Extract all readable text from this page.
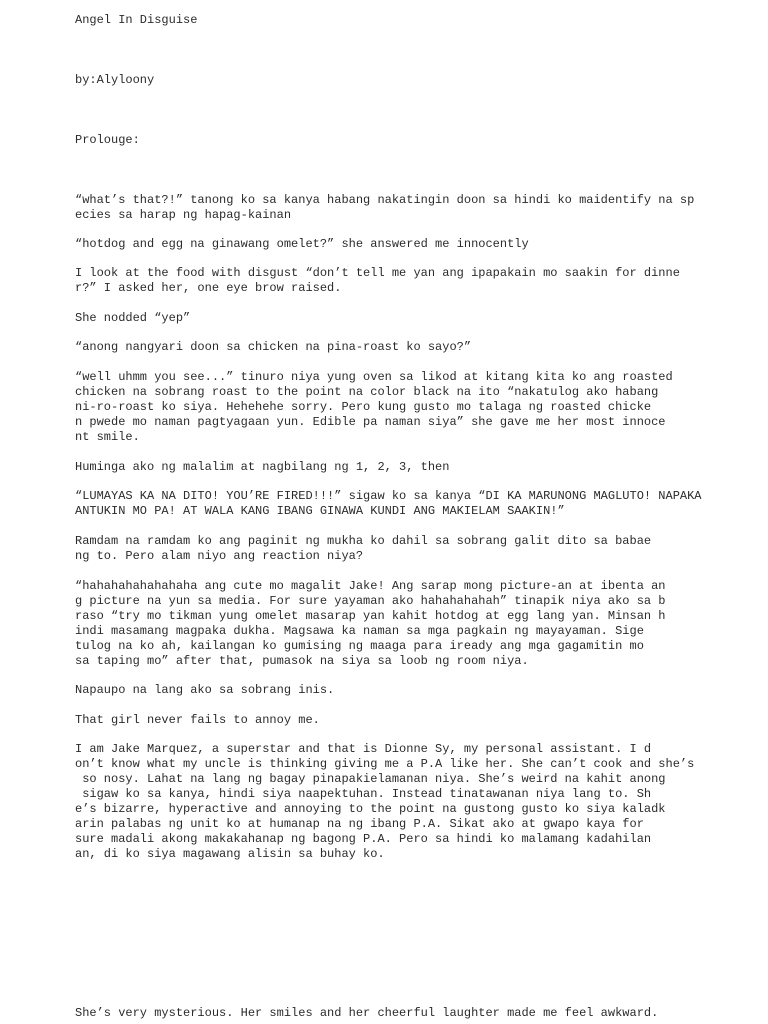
Angel In Disguise
by:Alyloony
Prolouge:
“what’s that?!” tanong ko sa kanya habang nakatingin doon sa hindi ko maidentify na sp
ecies sa harap ng hapag-kainan
“hotdog and egg na ginawang omelet?” she answered me innocently
I look at the food with disgust “don’t tell me yan ang ipapakain mo saakin for dinne
r?” I asked her, one eye brow raised.
She nodded “yep”
“anong nangyari doon sa chicken na pina-roast ko sayo?”
“well uhmm you see...” tinuro niya yung oven sa likod at kitang kita ko ang roasted
chicken na sobrang roast to the point na color black na ito “nakatulog ako habang
ni-ro-roast ko siya. Hehehehe sorry. Pero kung gusto mo talaga ng roasted chicke
n pwede mo naman pagtyagaan yun. Edible pa naman siya” she gave me her most innoce
nt smile.
Huminga ako ng malalim at nagbilang ng 1, 2, 3, then
“LUMAYAS KA NA DITO! YOU’RE FIRED!!!” sigaw ko sa kanya “DI KA MARUNONG MAGLUTO! NAPAKA
ANTUKIN MO PA! AT WALA KANG IBANG GINAWA KUNDI ANG MAKIELAM SAAKIN!”
Ramdam na ramdam ko ang paginit ng mukha ko dahil sa sobrang galit dito sa babae
ng to. Pero alam niyo ang reaction niya?
“hahahahahahahaha ang cute mo magalit Jake! Ang sarap mong picture-an at ibenta an
g picture na yun sa media. For sure yayaman ako hahahahahah” tinapik niya ako sa b
raso “try mo tikman yung omelet masarap yan kahit hotdog at egg lang yan. Minsan h
indi masamang magpaka dukha. Magsawa ka naman sa mga pagkain ng mayayaman. Sige
tulog na ko ah, kailangan ko gumising ng maaga para iready ang mga gagamitin mo
sa taping mo” after that, pumasok na siya sa loob ng room niya.
Napaupo na lang ako sa sobrang inis.
That girl never fails to annoy me.
I am Jake Marquez, a superstar and that is Dionne Sy, my personal assistant. I d
on’t know what my uncle is thinking giving me a P.A like her. She can’t cook and she’s
so nosy. Lahat na lang ng bagay pinapakielamanan niya. She’s weird na kahit anong
sigaw ko sa kanya, hindi siya naapektuhan. Instead tinatawanan niya lang to. Sh
e’s bizarre, hyperactive and annoying to the point na gustong gusto ko siya kaladk
arin palabas ng unit ko at humanap na ng ibang P.A. Sikat ako at gwapo kaya for
sure madali akong makakahanap ng bagong P.A. Pero sa hindi ko malamang kadahilan
an, di ko siya magawang alisin sa buhay ko.
She’s very mysterious. Her smiles and her cheerful laughter made me feel awkward.
